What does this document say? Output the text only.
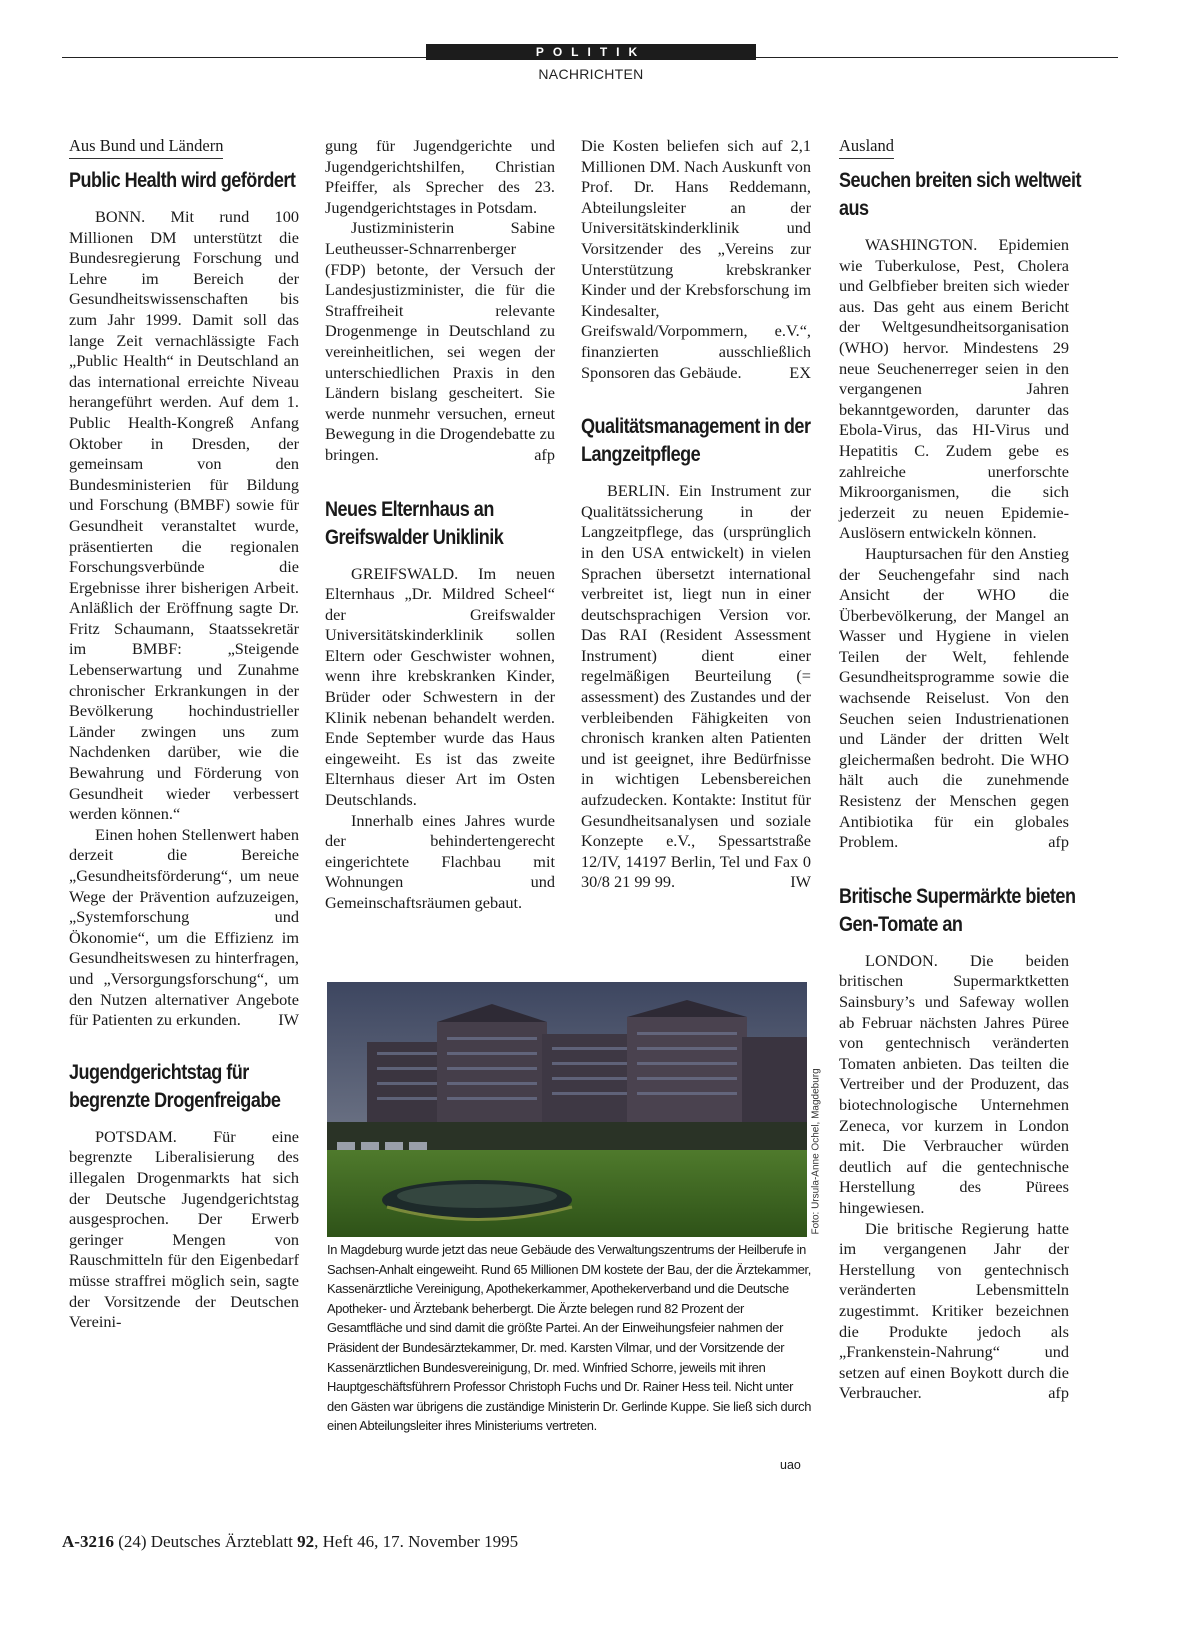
POLITIK
NACHRICHTEN
Aus Bund und Ländern
Public Health wird gefördert

BONN. Mit rund 100 Millionen DM unterstützt die Bundesregierung Forschung und Lehre im Bereich der Gesundheitswissenschaften bis zum Jahr 1999. Damit soll das lange Zeit vernachlässigte Fach „Public Health“ in Deutschland an das international erreichte Niveau herangeführt werden. Auf dem 1. Public Health-Kongreß Anfang Oktober in Dresden, der gemeinsam von den Bundesministerien für Bildung und Forschung (BMBF) sowie für Gesundheit veranstaltet wurde, präsentierten die regionalen Forschungsverbünde die Ergebnisse ihrer bisherigen Arbeit. Anläßlich der Eröffnung sagte Dr. Fritz Schaumann, Staatssekretär im BMBF: „Steigende Lebenserwartung und Zunahme chronischer Erkrankungen in der Bevölkerung hochindustrieller Länder zwingen uns zum Nachdenken darüber, wie die Bewahrung und Förderung von Gesundheit wieder verbessert werden können.“

Einen hohen Stellenwert haben derzeit die Bereiche „Gesundheitsförderung“, um neue Wege der Prävention aufzuzeigen, „Systemforschung und Ökonomie“, um die Effizienz im Gesundheitswesen zu hinterfragen, und „Versorgungsforschung“, um den Nutzen alternativer Angebote für Patienten zu erkunden.	IW

Jugendgerichtstag für begrenzte Drogenfreigabe

POTSDAM. Für eine begrenzte Liberalisierung des illegalen Drogenmarkts hat sich der Deutsche Jugendgerichtstag ausgesprochen. Der Erwerb geringer Mengen von Rauschmitteln für den Eigenbedarf müsse straffrei möglich sein, sagte der Vorsitzende der Deutschen Vereini-

gung für Jugendgerichte und Jugendgerichtshilfen, Christian Pfeiffer, als Sprecher des 23. Jugendgerichtstages in Potsdam.

Justizministerin Sabine Leutheusser-Schnarrenberger (FDP) betonte, der Versuch der Landesjustizminister, die für die Straffreiheit relevante Drogenmenge in Deutschland zu vereinheitlichen, sei wegen der unterschiedlichen Praxis in den Ländern bislang gescheitert. Sie werde nunmehr versuchen, erneut Bewegung in die Drogendebatte zu bringen.	afp

Neues Elternhaus an Greifswalder Uniklinik

GREIFSWALD. Im neuen Elternhaus „Dr. Mildred Scheel“ der Greifswalder Universitätskinderklinik sollen Eltern oder Geschwister wohnen, wenn ihre krebskranken Kinder, Brüder oder Schwestern in der Klinik nebenan behandelt werden. Ende September wurde das Haus eingeweiht. Es ist das zweite Elternhaus dieser Art im Osten Deutschlands.

Innerhalb eines Jahres wurde der behindertengerecht eingerichtete Flachbau mit Wohnungen und Gemeinschaftsräumen gebaut.

Die Kosten beliefen sich auf 2,1 Millionen DM. Nach Auskunft von Prof. Dr. Hans Reddemann, Abteilungsleiter an der Universitätskinderklinik und Vorsitzender des „Vereins zur Unterstützung krebskranker Kinder und der Krebsforschung im Kindesalter, Greifswald/Vorpommern, e.V.“, finanzierten ausschließlich Sponsoren das Gebäude.	EX

Qualitätsmanagement in der Langzeitpflege

BERLIN. Ein Instrument zur Qualitätssicherung in der Langzeitpflege, das (ursprünglich in den USA entwickelt) in vielen Sprachen übersetzt international verbreitet ist, liegt nun in einer deutschsprachigen Version vor. Das RAI (Resident Assessment Instrument) dient einer regelmäßigen Beurteilung (= assessment) des Zustandes und der verbleibenden Fähigkeiten von chronisch kranken alten Patienten und ist geeignet, ihre Bedürfnisse in wichtigen Lebensbereichen aufzudecken. Kontakte: Institut für Gesundheitsanalysen und soziale Konzepte e.V., Spessartstraße 12/IV, 14197 Berlin, Tel und Fax 0 30/8 21 99 99.	IW

Ausland
Seuchen breiten sich weltweit aus

WASHINGTON. Epidemien wie Tuberkulose, Pest, Cholera und Gelbfieber breiten sich wieder aus. Das geht aus einem Bericht der Weltgesundheitsorganisation (WHO) hervor. Mindestens 29 neue Seuchenerreger seien in den vergangenen Jahren bekanntgeworden, darunter das Ebola-Virus, das HI-Virus und Hepatitis C. Zudem gebe es zahlreiche unerforschte Mikroorganismen, die sich jederzeit zu neuen Epidemie-Auslösern entwickeln können.

Hauptursachen für den Anstieg der Seuchengefahr sind nach Ansicht der WHO die Überbevölkerung, der Mangel an Wasser und Hygiene in vielen Teilen der Welt, fehlende Gesundheitsprogramme sowie die wachsende Reiselust. Von den Seuchen seien Industrienationen und Länder der dritten Welt gleichermaßen bedroht. Die WHO hält auch die zunehmende Resistenz der Menschen gegen Antibiotika für ein globales Problem.	afp

Britische Supermärkte bieten Gen-Tomate an

LONDON. Die beiden britischen Supermarktketten Sainsbury’s und Safeway wollen ab Februar nächsten Jahres Püree von gentechnisch veränderten Tomaten anbieten. Das teilten die Vertreiber und der Produzent, das biotechnologische Unternehmen Zeneca, vor kurzem in London mit. Die Verbraucher würden deutlich auf die gentechnische Herstellung des Pürees hingewiesen.

Die britische Regierung hatte im vergangenen Jahr der Herstellung von gentechnisch veränderten Lebensmitteln zugestimmt. Kritiker bezeichnen die Produkte jedoch als „Frankenstein-Nahrung“ und setzen auf einen Boykott durch die Verbraucher.	afp

Foto: Ursula-Anne Ochel, Magdeburg
In Magdeburg wurde jetzt das neue Gebäude des Verwaltungszentrums der Heilberufe in Sachsen-Anhalt eingeweiht. Rund 65 Millionen DM kostete der Bau, der die Ärztekammer, Kassenärztliche Vereinigung, Apothekerkammer, Apothekerverband und die Deutsche Apotheker- und Ärztebank beherbergt. Die Ärzte belegen rund 82 Prozent der Gesamtfläche und sind damit die größte Partei. An der Einweihungsfeier nahmen der Präsident der Bundesärztekammer, Dr. med. Karsten Vilmar, und der Vorsitzende der Kassenärztlichen Bundesvereinigung, Dr. med. Winfried Schorre, jeweils mit ihren Hauptgeschäftsführern Professor Christoph Fuchs und Dr. Rainer Hess teil. Nicht unter den Gästen war übrigens die zuständige Ministerin Dr. Gerlinde Kuppe. Sie ließ sich durch einen Abteilungsleiter ihres Ministeriums vertreten.
uao
A-3216 (24) Deutsches Ärzteblatt 92, Heft 46, 17. November 1995
